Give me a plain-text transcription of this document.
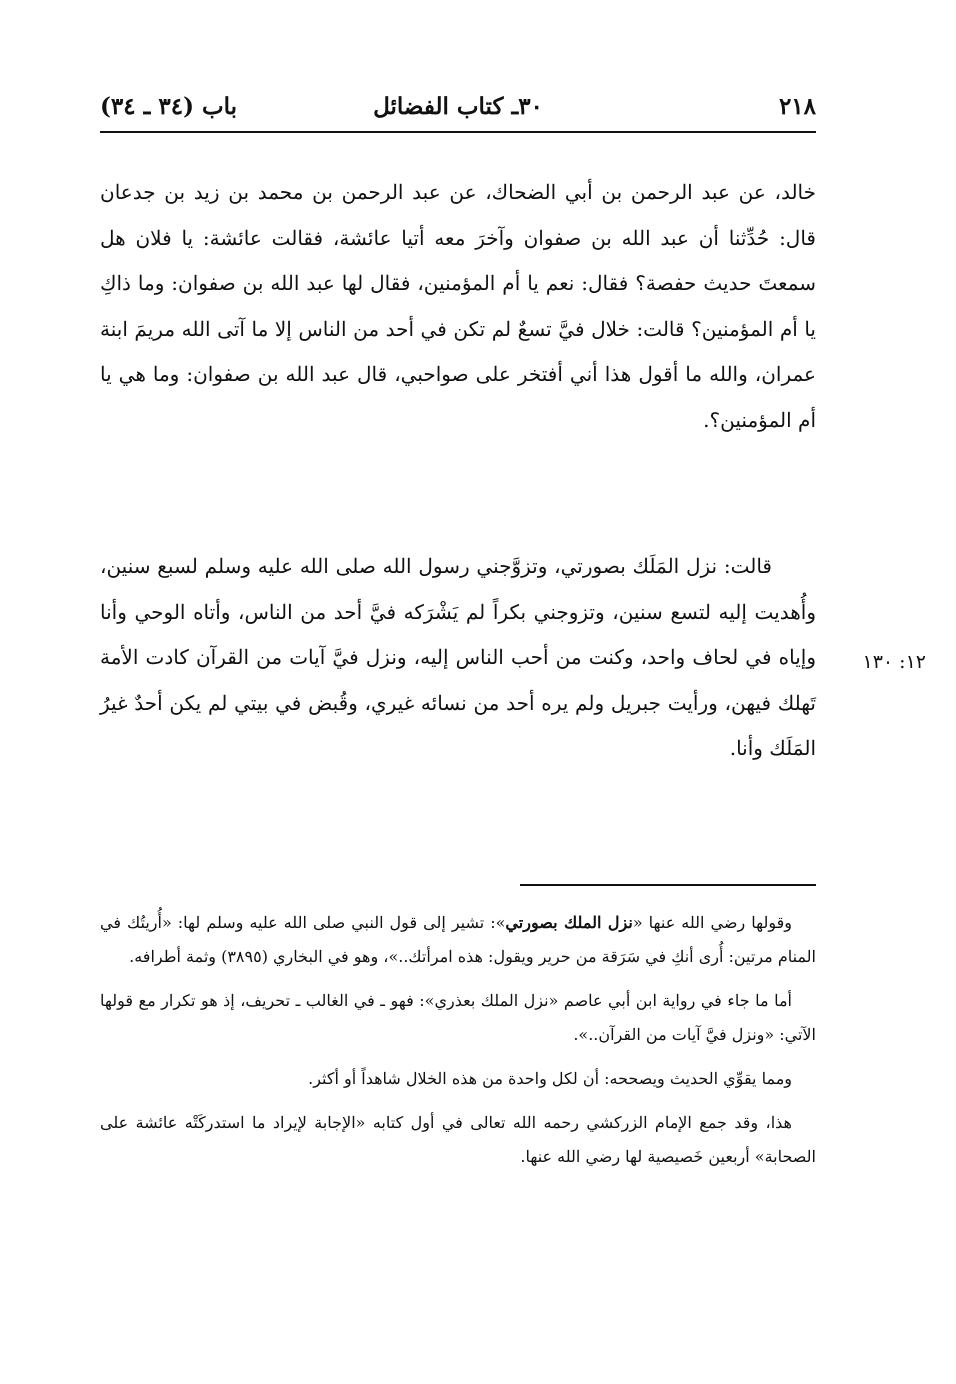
٢١٨
٣٠ـ كتاب الفضائل
باب (٣٤ ـ ٣٤)

خالد، عن عبد الرحمن بن أبي الضحاك، عن عبد الرحمن بن محمد بن زيد بن جدعان قال: حُدِّثنا أن عبد الله بن صفوان وآخرَ معه أتيا عائشة، فقالت عائشة: يا فلان هل سمعتَ حديث حفصة؟ فقال: نعم يا أم المؤمنين، فقال لها عبد الله بن صفوان: وما ذاكِ يا أم المؤمنين؟ قالت: خلال فيَّ تسعٌ لم تكن في أحد من الناس إلا ما آتى الله مريمَ ابنة عمران، والله ما أقول هذا أني أفتخر على صواحبي، قال عبد الله بن صفوان: وما هي يا أم المؤمنين؟.

قالت: نزل المَلَك بصورتي، وتزوَّجني رسول الله صلى الله عليه وسلم لسبع سنين، وأُهديت إليه لتسع سنين، وتزوجني بكراً لم يَشْرَكه فيَّ أحد من الناس، وأتاه الوحي وأنا وإياه في لحاف واحد، وكنت من أحب الناس إليه، ونزل فيَّ آيات من القرآن كادت الأمة تَهلك فيهن، ورأيت جبريل ولم يره أحد من نسائه غيري، وقُبض في بيتي لم يكن أحدٌ غيرُ المَلَك وأنا.

١٢: ١٣٠

وقولها رضي الله عنها «نزل الملك بصورتي»: تشير إلى قول النبي صلى الله عليه وسلم لها: «أُريتُك في المنام مرتين: أُرى أنكِ في سَرَقة من حرير ويقول: هذه امرأتك..»، وهو في البخاري (٣٨٩٥) وثمة أطرافه.

أما ما جاء في رواية ابن أبي عاصم «نزل الملك بعذري»: فهو ـ في الغالب ـ تحريف، إذ هو تكرار مع قولها الآتي: «ونزل فيَّ آيات من القرآن..».

ومما يقوِّي الحديث ويصححه: أن لكل واحدة من هذه الخلال شاهداً أو أكثر.

هذا، وقد جمع الإمام الزركشي رحمه الله تعالى في أول كتابه «الإجابة لإيراد ما استدركَتْه عائشة على الصحابة» أربعين خَصيصية لها رضي الله عنها.
